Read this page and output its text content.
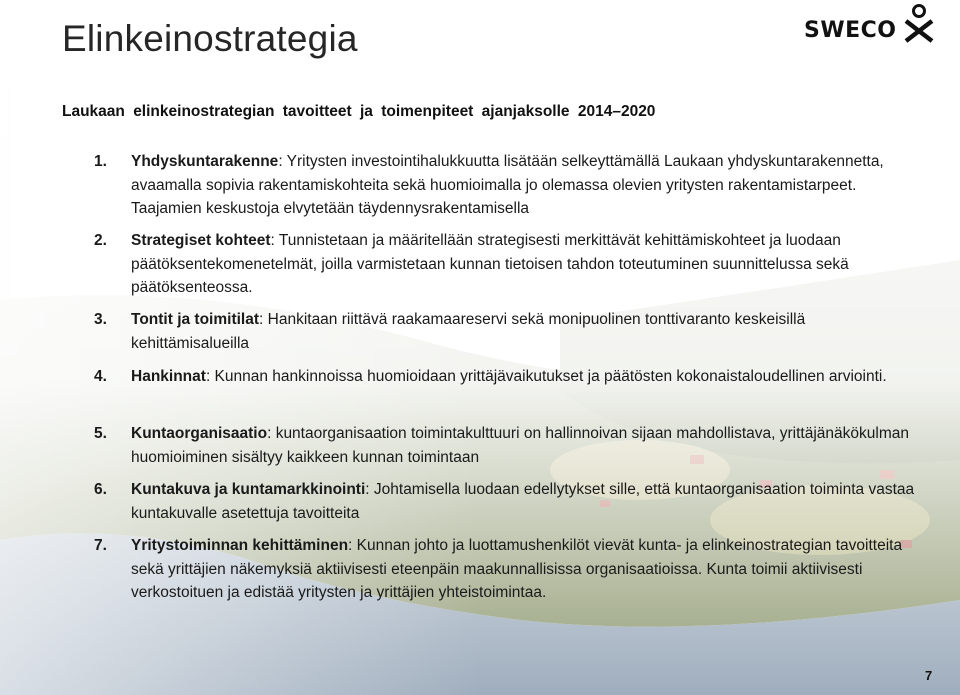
Elinkeinostrategia	SWECO
Laukaan elinkeinostrategian tavoitteet ja toimenpiteet ajanjaksolle 2014–2020
1.	Yhdyskuntarakenne: Yritysten investointihalukkuutta lisätään selkeyttämällä Laukaan yhdyskuntarakennetta, avaamalla sopivia rakentamiskohteita sekä huomioimalla jo olemassa olevien yritysten rakentamistarpeet. Taajamien keskustoja elvytetään täydennysrakentamisella
2.	Strategiset kohteet: Tunnistetaan ja määritellään strategisesti merkittävät kehittämiskohteet ja luodaan päätöksentekomenetelmät, joilla varmistetaan kunnan tietoisen tahdon toteutuminen suunnittelussa sekä päätöksenteossa.
3.	Tontit ja toimitilat: Hankitaan riittävä raakamaareservi sekä monipuolinen tonttivaranto keskeisillä kehittämisalueilla
4.	Hankinnat: Kunnan hankinnoissa huomioidaan yrittäjävaikutukset ja päätösten kokonaistaloudellinen arviointi.
5.	Kuntaorganisaatio: kuntaorganisaation toimintakulttuuri on hallinnoivan sijaan mahdollistava, yrittäjänäkökulman huomioiminen sisältyy kaikkeen kunnan toimintaan
6.	Kuntakuva ja kuntamarkkinointi: Johtamisella luodaan edellytykset sille, että kuntaorganisaation toiminta vastaa kuntakuvalle asetettuja tavoitteita
7.	Yritystoiminnan kehittäminen: Kunnan johto ja luottamushenkilöt vievät kunta- ja elinkeinostrategian tavoitteita sekä yrittäjien näkemyksiä aktiivisesti eteenpäin maakunnallisissa organisaatioissa. Kunta toimii aktiivisesti verkostoituen ja edistää yritysten ja yrittäjien yhteistoimintaa.
7
